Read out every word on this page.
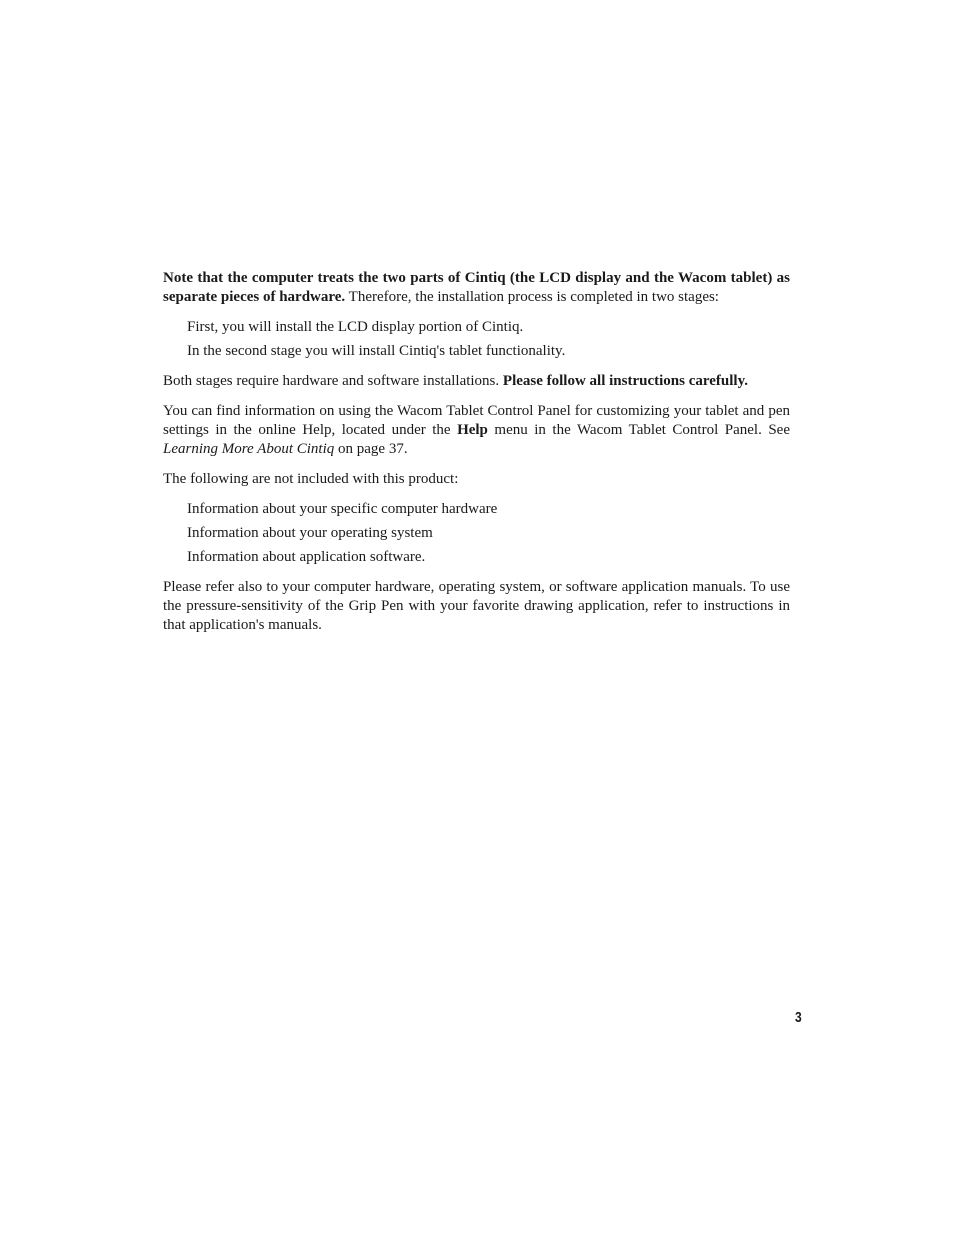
Note that the computer treats the two parts of Cintiq (the LCD display and the Wacom tablet) as separate pieces of hardware. Therefore, the installation process is completed in two stages:

First, you will install the LCD display portion of Cintiq.

In the second stage you will install Cintiq's tablet functionality.

Both stages require hardware and software installations. Please follow all instructions carefully.

You can find information on using the Wacom Tablet Control Panel for customizing your tablet and pen settings in the online Help, located under the Help menu in the Wacom Tablet Control Panel. See Learning More About Cintiq on page 37.

The following are not included with this product:

Information about your specific computer hardware

Information about your operating system

Information about application software.

Please refer also to your computer hardware, operating system, or software application manuals. To use the pressure-sensitivity of the Grip Pen with your favorite drawing application, refer to instructions in that application's manuals.

3
